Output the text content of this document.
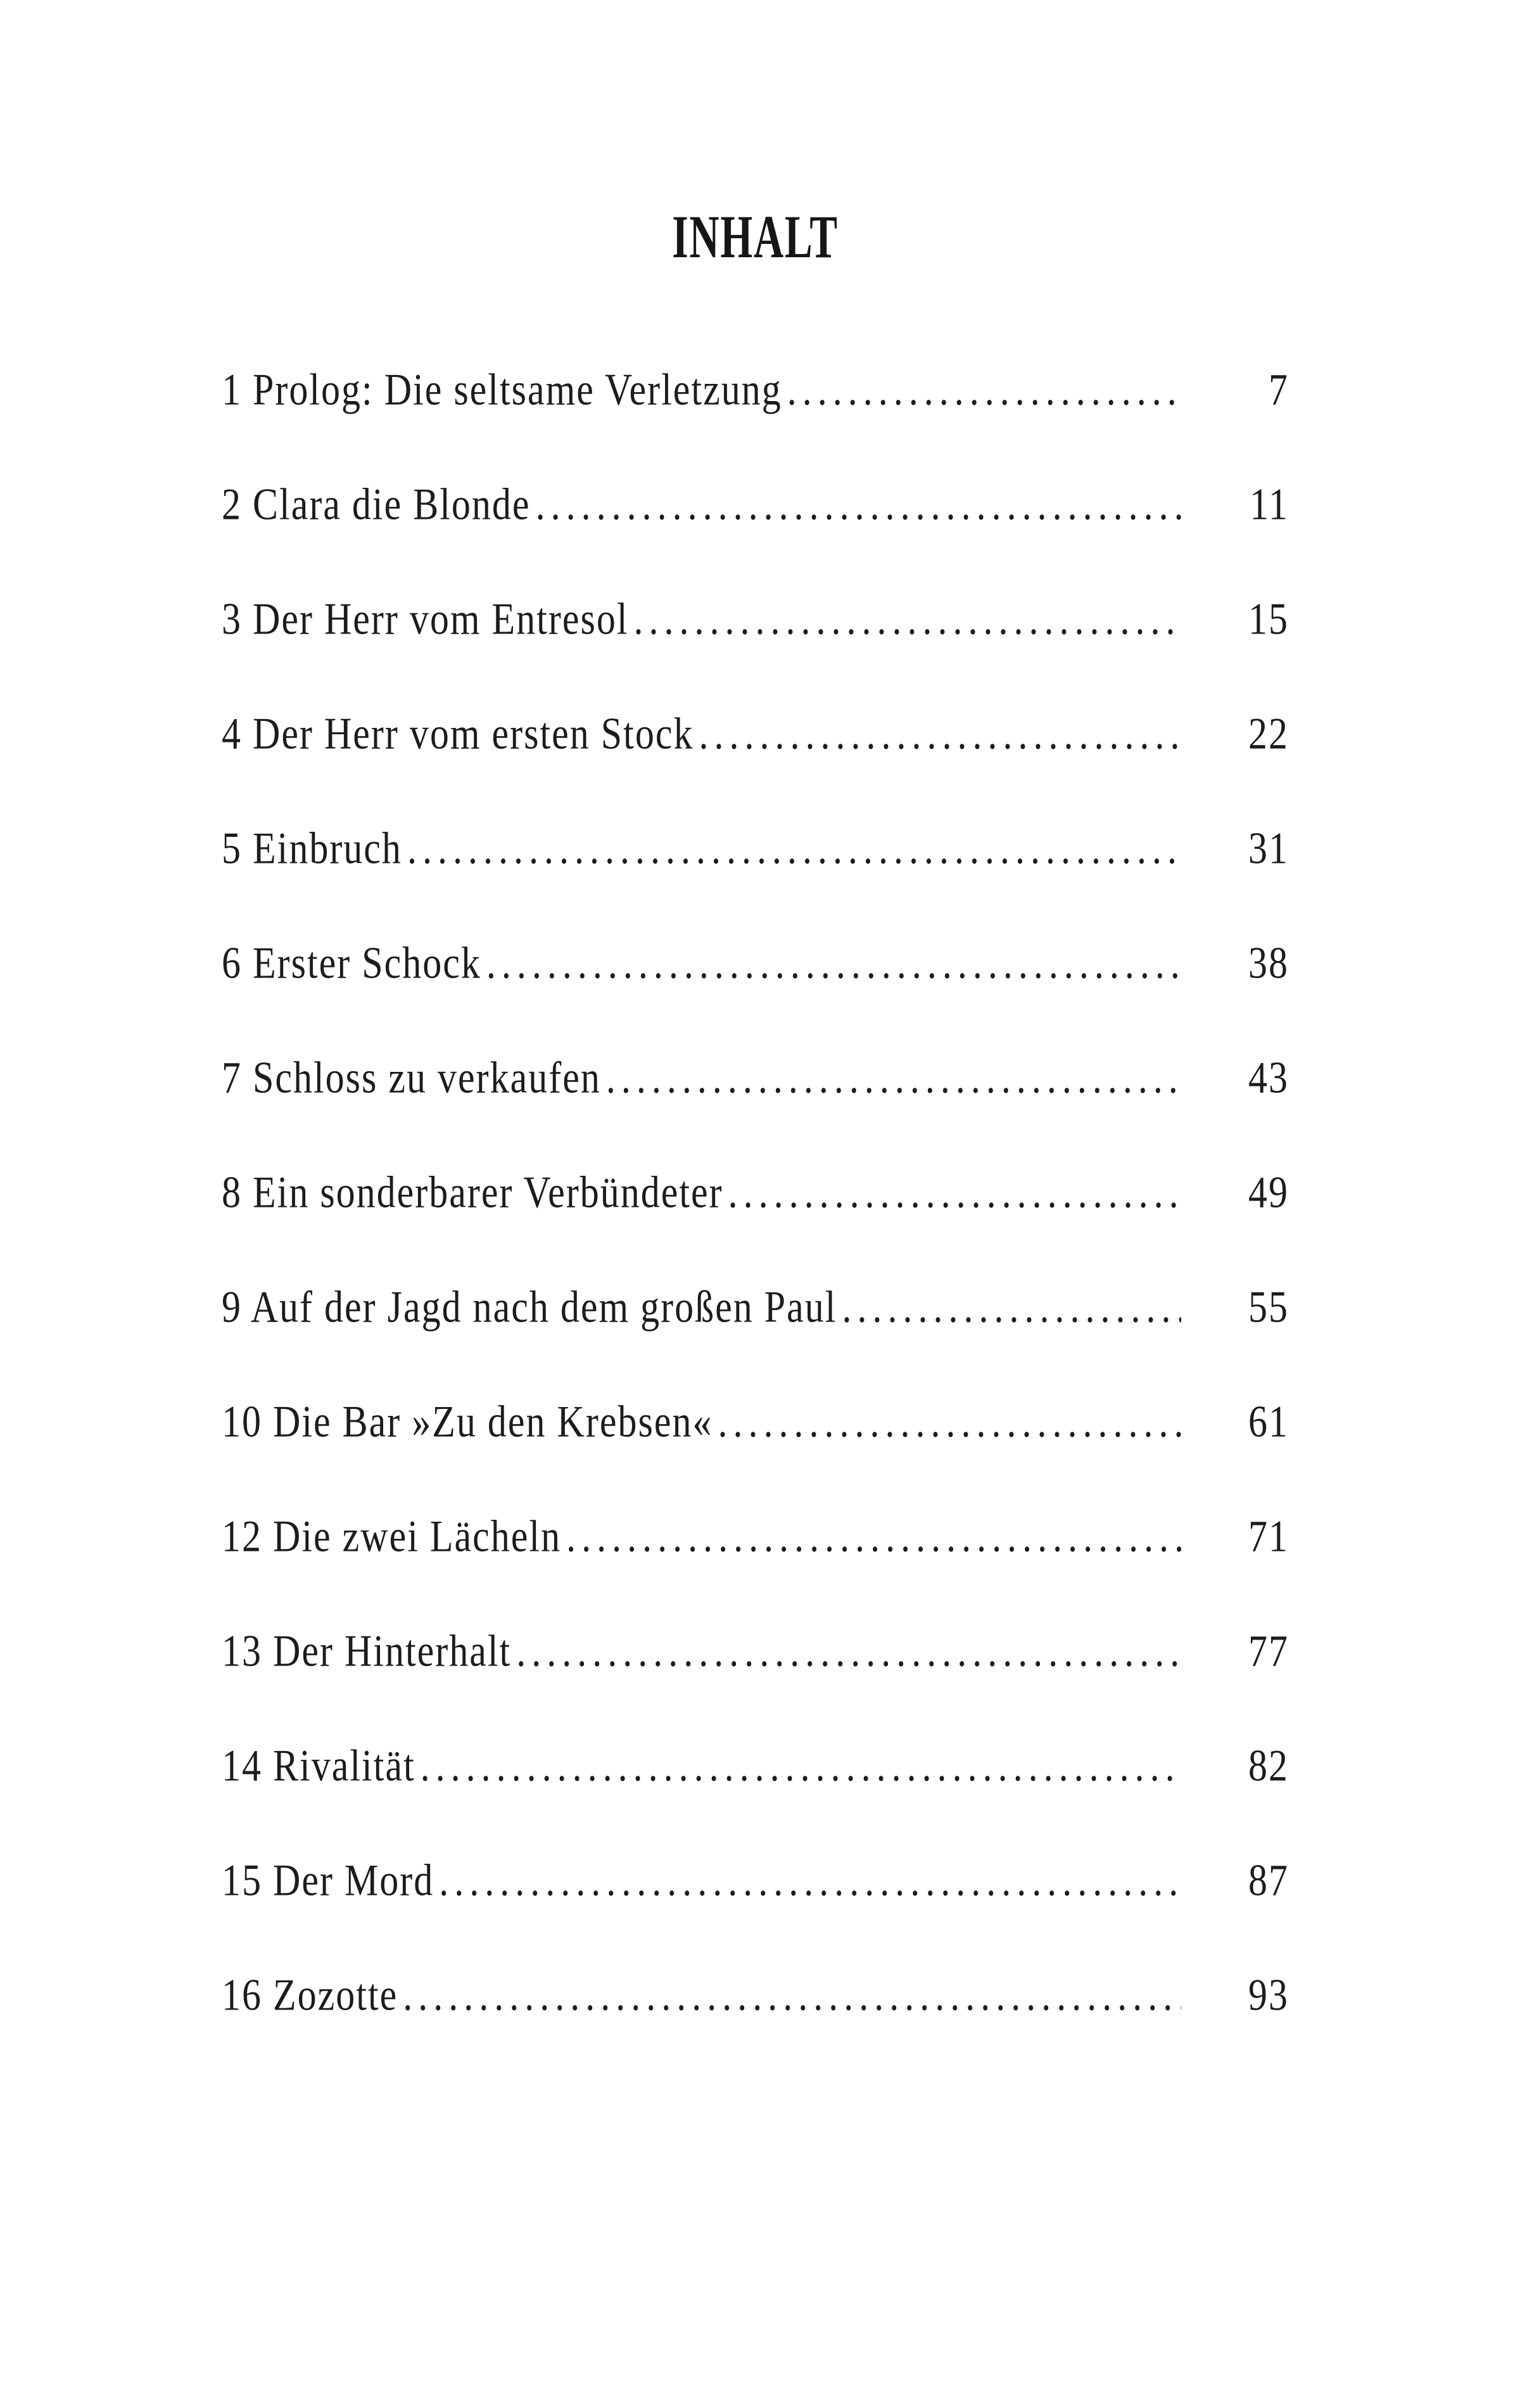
INHALT
1 Prolog: Die seltsame Verletzung .....	7
2 Clara die Blonde .....	11
3 Der Herr vom Entresol .....	15
4 Der Herr vom ersten Stock .....	22
5 Einbruch .....	31
6 Erster Schock .....	38
7 Schloss zu verkaufen .....	43
8 Ein sonderbarer Verbündeter .....	49
9 Auf der Jagd nach dem großen Paul .....	55
10 Die Bar »Zu den Krebsen« .....	61
12 Die zwei Lächeln .....	71
13 Der Hinterhalt .....	77
14 Rivalität .....	82
15 Der Mord .....	87
16 Zozotte .....	93
